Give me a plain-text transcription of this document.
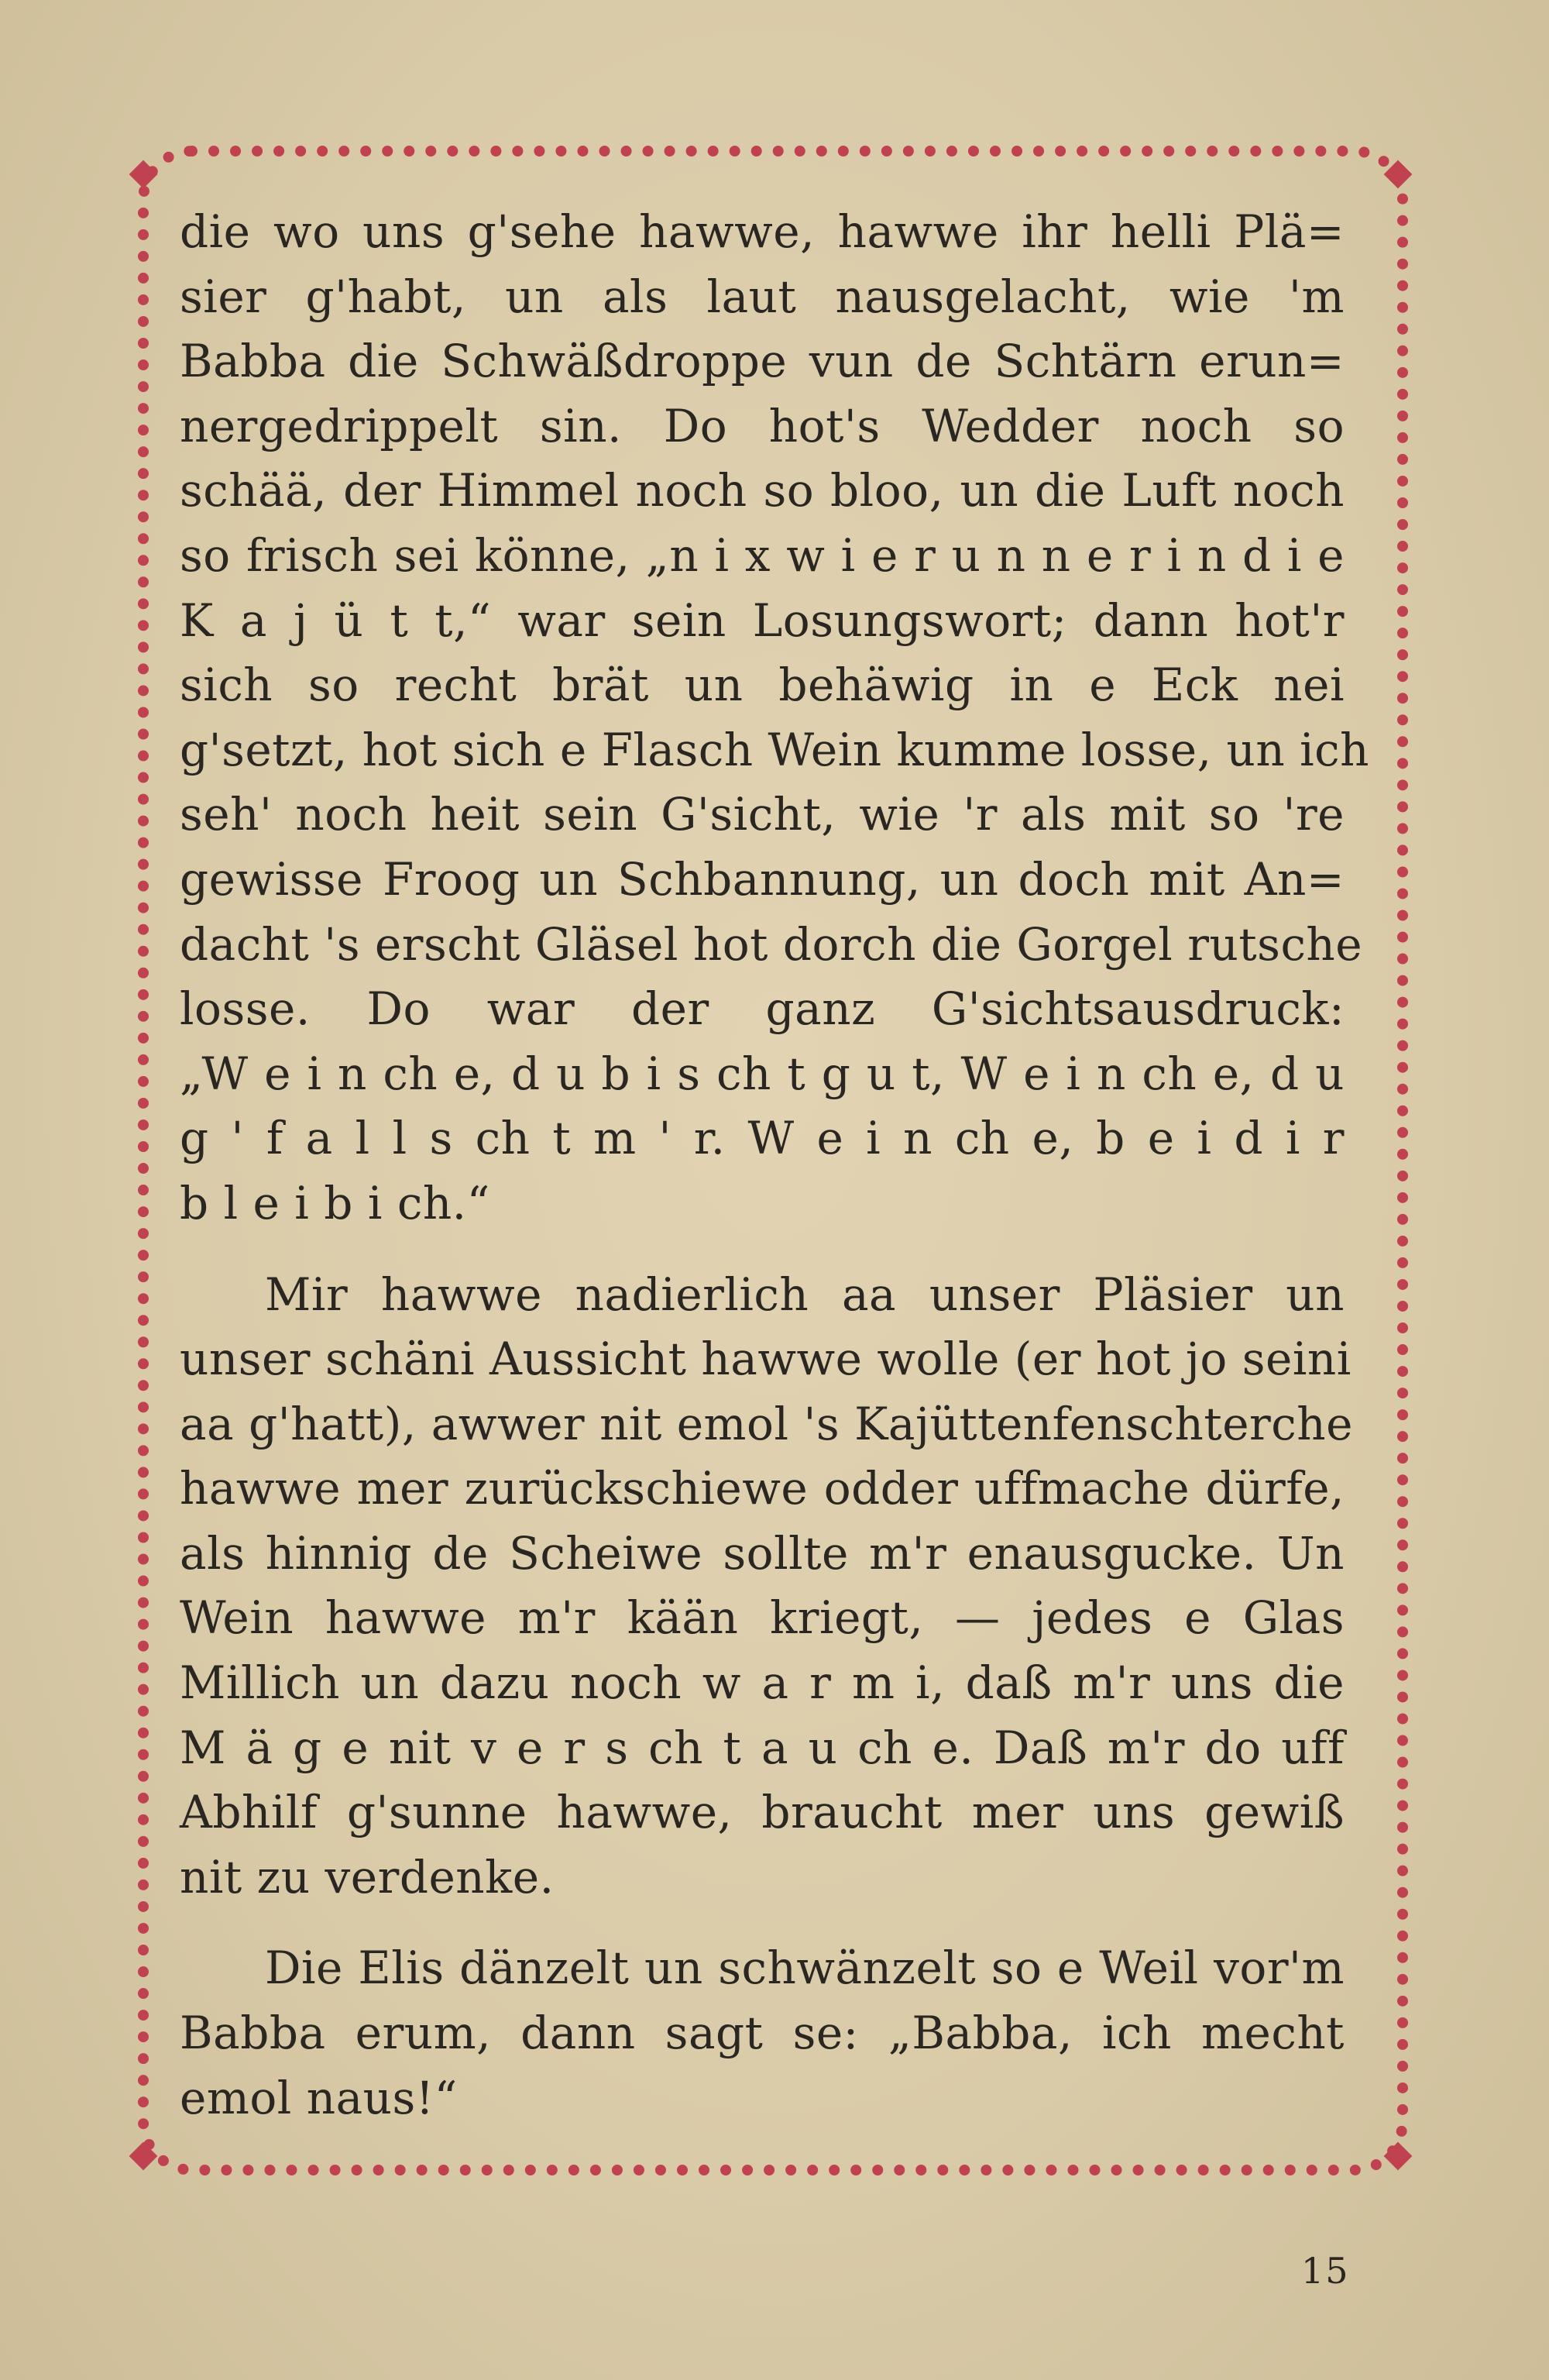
die wo uns g'sehe hawwe, hawwe ihr helli Plä=
sier g'habt, un als laut nausgelacht, wie 'm
Babba die Schwäßdroppe vun de Schtärn erun=
nergedrippelt sin. Do hot's Wedder noch so
schää, der Himmel noch so bloo, un die Luft noch
so frisch sei könne, „n i x w i e r u n n e r i n d i e
K a j ü t t,“ war sein Losungswort; dann hot'r
sich so recht brät un behäwig in e Eck nei
g'setzt, hot sich e Flasch Wein kumme losse, un ich
seh' noch heit sein G'sicht, wie 'r als mit so 're
gewisse Froog un Schbannung, un doch mit An=
dacht 's erscht Gläsel hot dorch die Gorgel rutsche
losse. Do war der ganz G'sichtsausdruck:
„W e i n ch e, d u b i s ch t g u t, W e i n ch e, d u
g ' f a l l s ch t m ' r. W e i n ch e, b e i d i r
b l e i b i ch.“

Mir hawwe nadierlich aa unser Pläsier un
unser schäni Aussicht hawwe wolle (er hot jo seini
aa g'hatt), awwer nit emol 's Kajüttenfenschterche
hawwe mer zurückschiewe odder uffmache dürfe,
als hinnig de Scheiwe sollte m'r enausgucke. Un
Wein hawwe m'r kään kriegt, — jedes e Glas
Millich un dazu noch w a r m i, daß m'r uns die
M ä g e nit v e r s ch t a u ch e. Daß m'r do uff
Abhilf g'sunne hawwe, braucht mer uns gewiß
nit zu verdenke.

Die Elis dänzelt un schwänzelt so e Weil vor'm
Babba erum, dann sagt se: „Babba, ich mecht
emol naus!“

15
